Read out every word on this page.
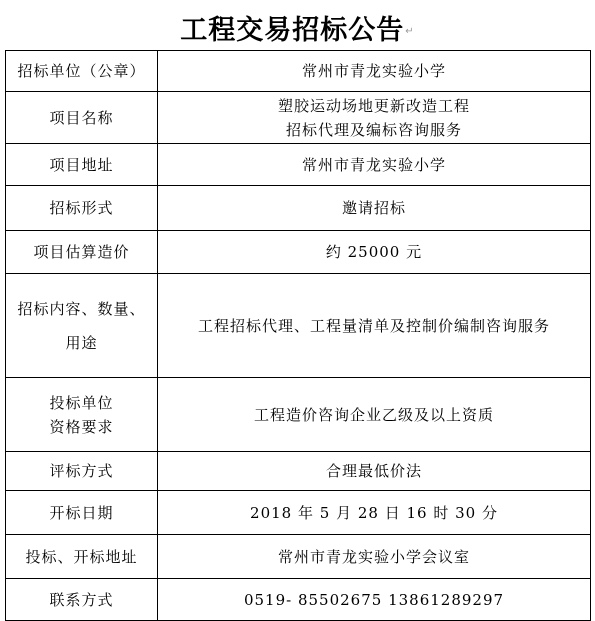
工程交易招标公告↵
招标单位（公章）	常州市青龙实验小学

项目名称	塑胶运动场地更新改造工程
招标代理及编标咨询服务

项目地址	常州市青龙实验小学

招标形式	邀请招标

项目估算造价	约 25000 元

招标内容、数量、
用途	工程招标代理、工程量清单及控制价编制咨询服务

投标单位
资格要求	工程造价咨询企业乙级及以上资质

评标方式	合理最低价法

开标日期	2018 年 5 月 28 日 16 时 30 分

投标、开标地址	常州市青龙实验小学会议室

联系方式	0519- 85502675 13861289297
